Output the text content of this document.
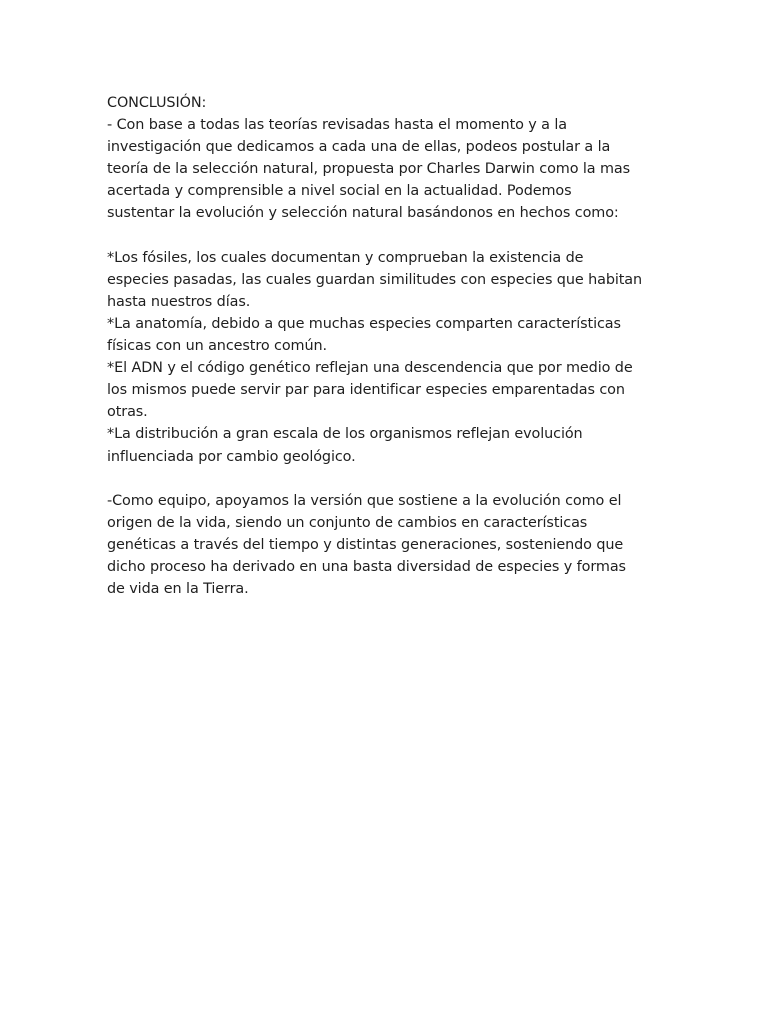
CONCLUSIÓN:
- Con base a todas las teorías revisadas hasta el momento y a la
investigación que dedicamos a cada una de ellas, podeos postular a la
teoría de la selección natural, propuesta por Charles Darwin como la mas
acertada y comprensible a nivel social en la actualidad. Podemos
sustentar la evolución y selección natural basándonos en hechos como:
*Los fósiles, los cuales documentan y comprueban la existencia de
especies pasadas, las cuales guardan similitudes con especies que habitan
hasta nuestros días.
*La anatomía, debido a que muchas especies comparten características
físicas con un ancestro común.
*El ADN y el código genético reflejan una descendencia que por medio de
los mismos puede servir par para identificar especies emparentadas con
otras.
*La distribución a gran escala de los organismos reflejan evolución
influenciada por cambio geológico.
-Como equipo, apoyamos la versión que sostiene a la evolución como el
origen de la vida, siendo un conjunto de cambios en características
genéticas a través del tiempo y distintas generaciones, sosteniendo que
dicho proceso ha derivado en una basta diversidad de especies y formas
de vida en la Tierra.
